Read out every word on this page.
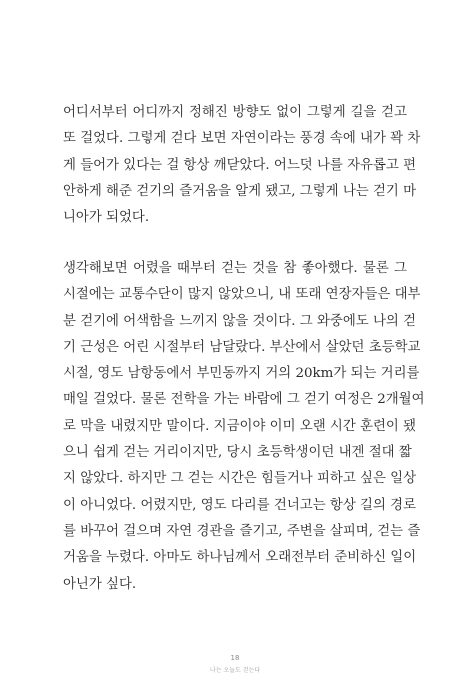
어디서부터 어디까지 정해진 방향도 없이 그렇게 길을 걷고
또 걸었다. 그렇게 걷다 보면 자연이라는 풍경 속에 내가 꽉 차
게 들어가 있다는 걸 항상 깨닫았다. 어느덧 나를 자유롭고 편
안하게 해준 걷기의 즐거움을 알게 됐고, 그렇게 나는 걷기 마
니아가 되었다.
생각해보면 어렸을 때부터 걷는 것을 참 좋아했다. 물론 그
시절에는 교통수단이 많지 않았으니, 내 또래 연장자들은 대부
분 걷기에 어색함을 느끼지 않을 것이다. 그 와중에도 나의 걷
기 근성은 어린 시절부터 남달랐다. 부산에서 살았던 초등학교
시절, 영도 남항동에서 부민동까지 거의 20km가 되는 거리를
매일 걸었다. 물론 전학을 가는 바람에 그 걷기 여정은 2개월여
로 막을 내렸지만 말이다. 지금이야 이미 오랜 시간 훈련이 됐
으니 쉽게 걷는 거리이지만, 당시 초등학생이던 내겐 절대 짧
지 않았다. 하지만 그 걷는 시간은 힘들거나 피하고 싶은 일상
이 아니었다. 어렸지만, 영도 다리를 건너고는 항상 길의 경로
를 바꾸어 걸으며 자연 경관을 즐기고, 주변을 살피며, 걷는 즐
거움을 누렸다. 아마도 하나님께서 오래전부터 준비하신 일이
아닌가 싶다.
18
나는 오늘도 걷는다
